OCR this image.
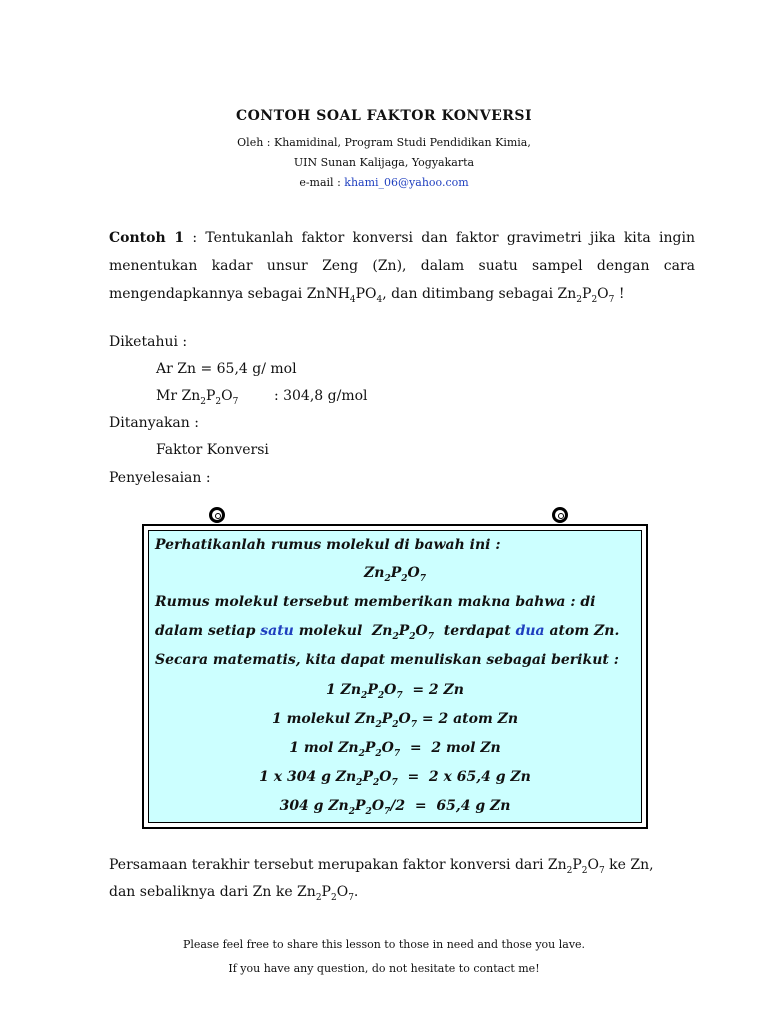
CONTOH SOAL FAKTOR KONVERSI
Oleh : Khamidinal, Program Studi Pendidikan Kimia,
UIN Sunan Kalijaga, Yogyakarta
e-mail : khami_06@yahoo.com
Contoh 1 : Tentukanlah faktor konversi dan faktor gravimetri jika kita ingin menentukan kadar unsur Zeng (Zn), dalam suatu sampel dengan cara mengendapkannya sebagai $ZnNH_4PO_4$, dan ditimbang sebagai $Zn_2P_2O_7$ !
Diketahui :
Ar Zn = 65,4 g/ mol
Mr $Zn_2P_2O_7$        : 304,8 g/mol
Ditanyakan :
Faktor Konversi
Penyelesaian :
Perhatikanlah rumus molekul di bawah ini :
$Zn_2P_2O_7$
Rumus molekul tersebut memberikan makna bahwa : di
dalam setiap satu molekul  $Zn_2P_2O_7$  terdapat dua atom Zn.
Secara matematis, kita dapat menuliskan sebagai berikut :
1 $Zn_2P_2O_7 = 2$ Zn
1 molekul $Zn_2P_2O_7 = 2$ atom Zn
1 mol $Zn_2P_2O_7 = 2$ mol Zn
1 x 304 g $Zn_2P_2O_7 = 2$ x 65,4 g Zn
304 g $Zn_2P_2O_7/2 = 65,4$ g Zn
Persamaan terakhir tersebut merupakan faktor konversi dari $Zn_2P_2O_7$ ke Zn,
dan sebaliknya dari Zn ke $Zn_2P_2O_7$.
Please feel free to share this lesson to those in need and those you lave.
If you have any question, do not hesitate to contact me!
